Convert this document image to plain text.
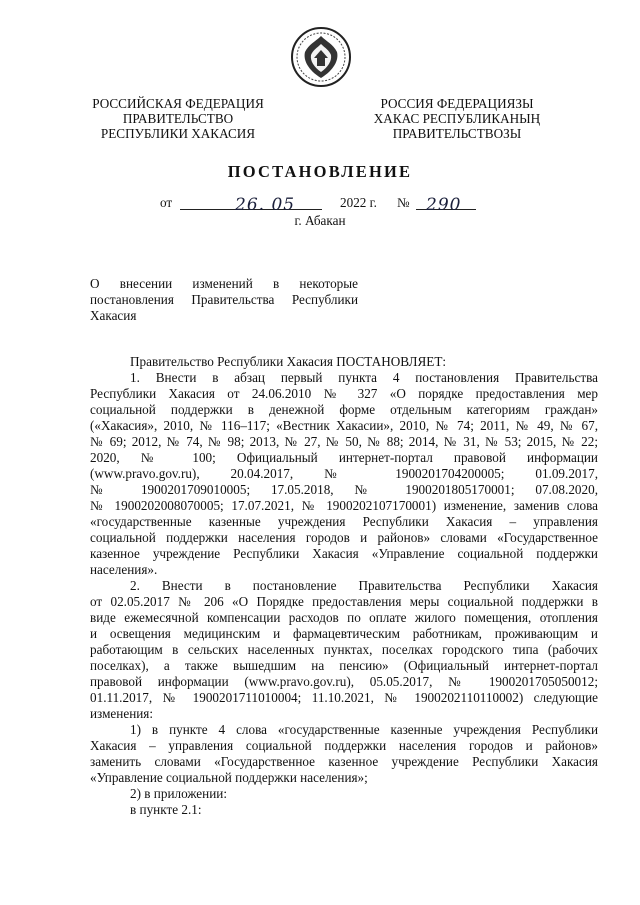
РОССИЙСКАЯ ФЕДЕРАЦИЯ
ПРАВИТЕЛЬСТВО
РЕСПУБЛИКИ ХАКАСИЯ
РОССИЯ ФЕДЕРАЦИЯЗЫ
ХАКАС РЕСПУБЛИКАНЫҢ
ПРАВИТЕЛЬСТВОЗЫ
ПОСТАНОВЛЕНИЕ
от	26. 05	2022 г. № 290
г. Абакан
О внесении изменений в некоторые
постановления Правительства Республики
Хакасия
Правительство Республики Хакасия ПОСТАНОВЛЯЕТ:
1. Внести в абзац первый пункта 4 постановления Правительства
Республики Хакасия от 24.06.2010 № 327 «О порядке предоставления мер
социальной поддержки в денежной форме отдельным категориям граждан»
(«Хакасия», 2010, № 116–117; «Вестник Хакасии», 2010, № 74; 2011, № 49, № 67,
№ 69; 2012, № 74, № 98; 2013, № 27, № 50, № 88; 2014, № 31, № 53; 2015, № 22;
2020, № 100; Официальный интернет-портал правовой информации
(www.pravo.gov.ru), 20.04.2017, № 1900201704200005; 01.09.2017,
№ 1900201709010005; 17.05.2018, № 1900201805170001; 07.08.2020,
№ 1900202008070005; 17.07.2021, № 1900202107170001) изменение, заменив слова
«государственные казенные учреждения Республики Хакасия – управления
социальной поддержки населения городов и районов» словами «Государственное
казенное учреждение Республики Хакасия «Управление социальной поддержки
населения».
2. Внести в постановление Правительства Республики Хакасия
от 02.05.2017 № 206 «О Порядке предоставления меры социальной поддержки в
виде ежемесячной компенсации расходов по оплате жилого помещения, отопления
и освещения медицинским и фармацевтическим работникам, проживающим и
работающим в сельских населенных пунктах, поселках городского типа (рабочих
поселках), а также вышедшим на пенсию» (Официальный интернет-портал
правовой информации (www.pravo.gov.ru), 05.05.2017, № 1900201705050012;
01.11.2017, № 1900201711010004; 11.10.2021, № 1900202110110002) следующие
изменения:
1) в пункте 4 слова «государственные казенные учреждения Республики
Хакасия – управления социальной поддержки населения городов и районов»
заменить словами «Государственное казенное учреждение Республики Хакасия
«Управление социальной поддержки населения»;
2) в приложении:
в пункте 2.1:
